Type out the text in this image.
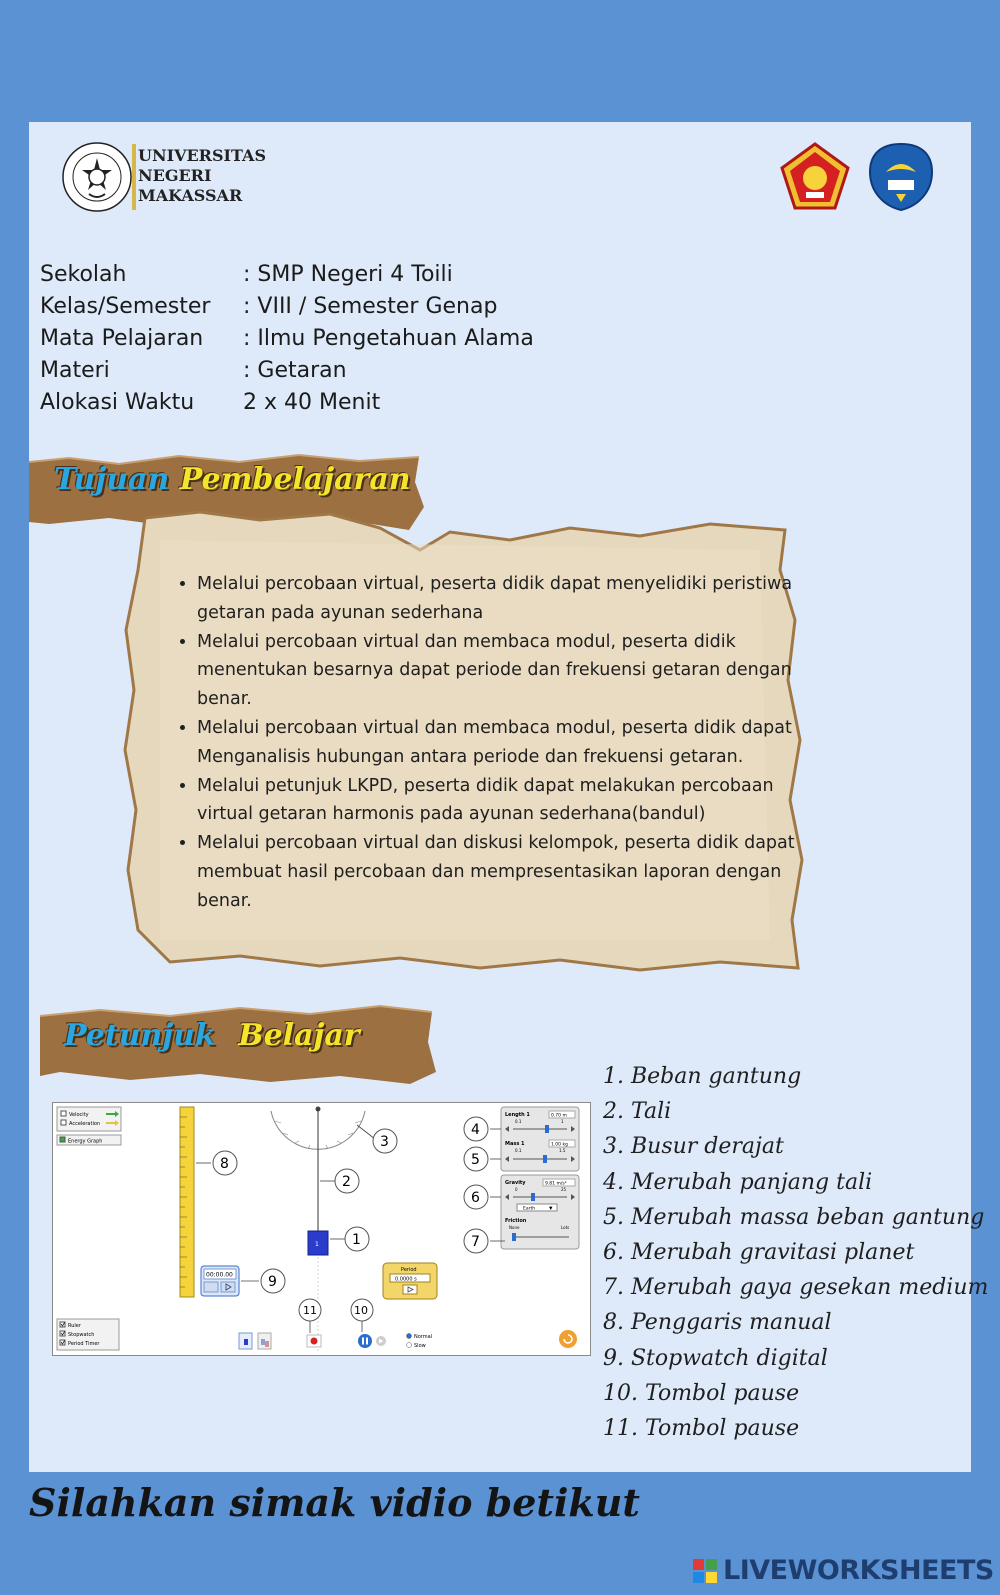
UNIVERSITAS
NEGERI
MAKASSAR
Sekolah	: SMP Negeri 4 Toili
Kelas/Semester : VIII / Semester Genap
Mata Pelajaran : Ilmu Pengetahuan Alama
Materi	: Getaran
Alokasi Waktu 2 x 40 Menit
Tujuan Pembelajaran
• Melalui percobaan virtual, peserta didik dapat menyelidiki peristiwa getaran pada ayunan sederhana
• Melalui percobaan virtual dan membaca modul, peserta didik menentukan besarnya dapat periode dan frekuensi getaran dengan benar.
• Melalui percobaan virtual dan membaca modul, peserta didik dapat Menganalisis hubungan antara periode dan frekuensi getaran.
• Melalui petunjuk LKPD, peserta didik dapat melakukan percobaan virtual getaran harmonis pada ayunan sederhana(bandul)
• Melalui percobaan virtual dan diskusi kelompok, peserta didik dapat membuat hasil percobaan dan mempresentasikan laporan dengan benar.
Petunjuk Belajar
Velocity
Acceleration
Energy Graph
1
Length 1	0.70 m
0.1	1
Mass 1	1.00 kg
0.1	1.5
Gravity	9.81 m/s²
0	25
Earth	▼
Friction
None	Lots
00:00.00
Period
0.0000 s
Ruler
Stopwatch
Period Timer
Normal
Slow
1
2
3
4
5
6
7
8
9
10
11
1. Beban gantung
2. Tali
3. Busur derajat
4. Merubah panjang tali
5. Merubah massa beban gantung
6. Merubah gravitasi planet
7. Merubah gaya gesekan medium
8. Penggaris manual
9. Stopwatch digital
10. Tombol pause
11. Tombol pause
Silahkan simak vidio betikut
LIVEWORKSHEETS
